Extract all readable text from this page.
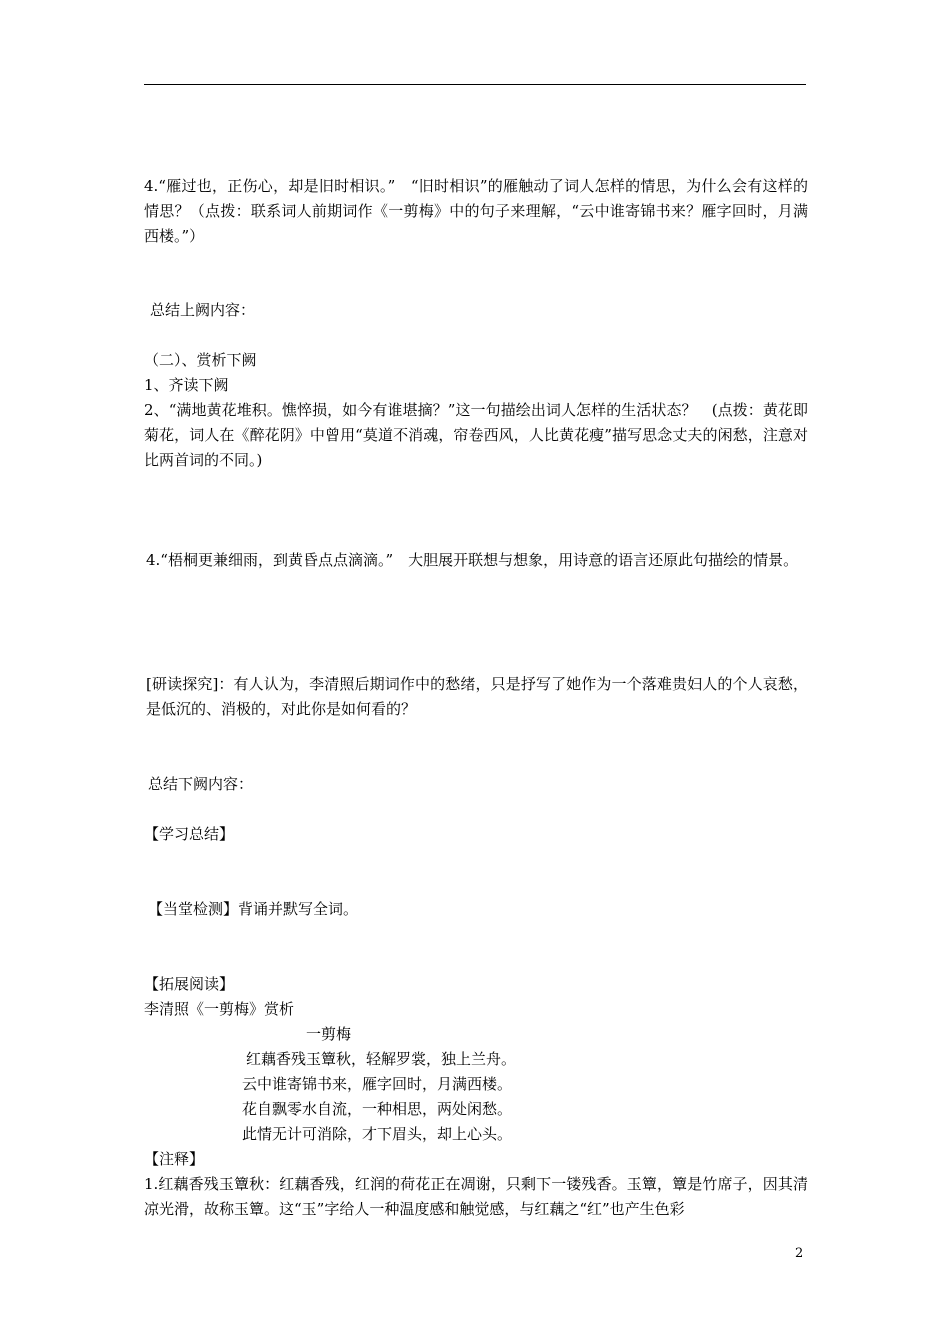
4.“雁过也，正伤心，却是旧时相识。”　“旧时相识”的雁触动了词人怎样的情思，为什么会有这样的情思？（点拨：联系词人前期词作《一剪梅》中的句子来理解，“云中谁寄锦书来？雁字回时，月满西楼。”）
总结上阙内容：
（二）、赏析下阙
1、齐读下阙
2、“满地黄花堆积。憔悴损，如今有谁堪摘？”这一句描绘出词人怎样的生活状态？　(点拨：黄花即菊花，词人在《醉花阴》中曾用“莫道不消魂，帘卷西风，人比黄花瘦”描写思念丈夫的闲愁，注意对比两首词的不同。)
4.“梧桐更兼细雨，到黄昏点点滴滴。”　大胆展开联想与想象，用诗意的语言还原此句描绘的情景。
[研读探究]：有人认为，李清照后期词作中的愁绪，只是抒写了她作为一个落难贵妇人的个人哀愁，是低沉的、消极的，对此你是如何看的？
总结下阙内容：
【学习总结】
【当堂检测】背诵并默写全词。
【拓展阅读】
李清照《一剪梅》赏析
一剪梅
红藕香残玉簟秋，轻解罗裳，独上兰舟。
云中谁寄锦书来，雁字回时，月满西楼。
花自飘零水自流，一种相思，两处闲愁。
此情无计可消除，才下眉头，却上心头。
【注释】
1.红藕香残玉簟秋：红藕香残，红润的荷花正在凋谢，只剩下一镂残香。玉簟，簟是竹席子，因其清凉光滑，故称玉簟。这“玉”字给人一种温度感和触觉感，与红藕之“红”也产生色彩
2
